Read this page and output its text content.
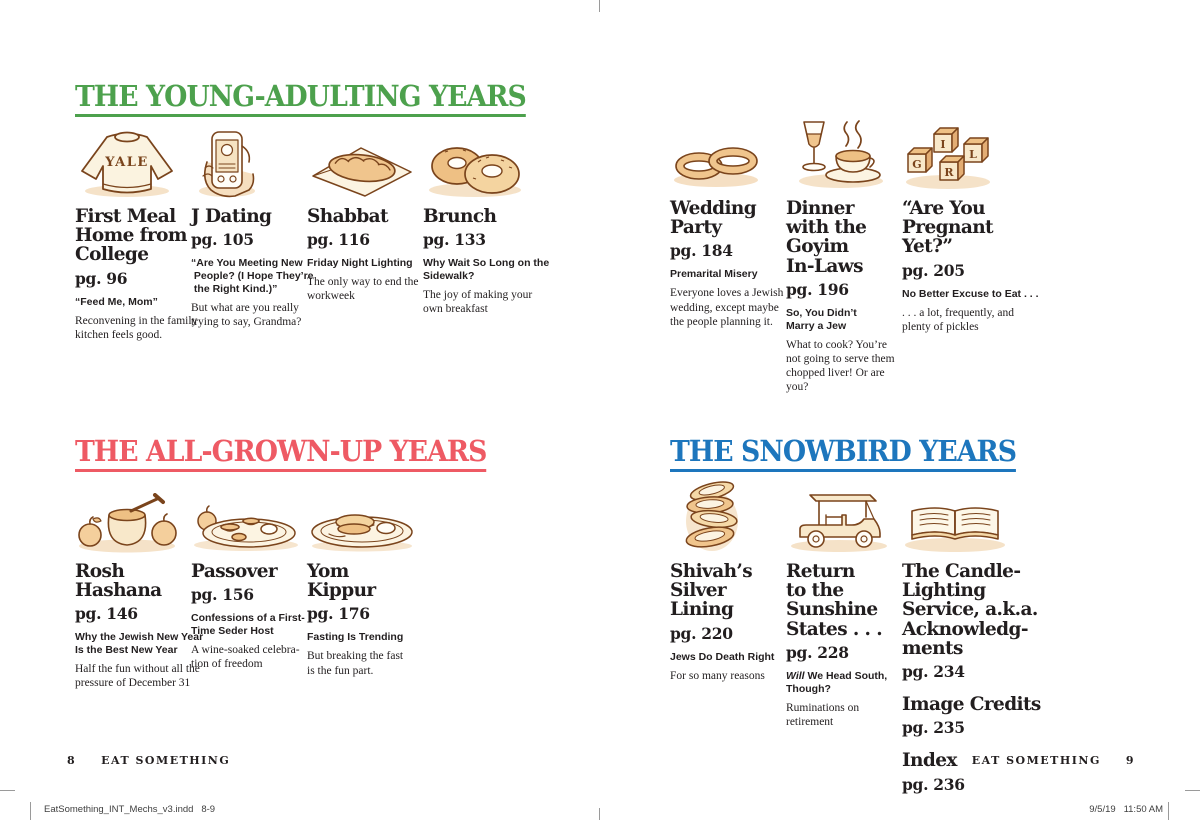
THE YOUNG-ADULTING YEARS
YALE
First Meal
Home from
College
pg. 96
“Feed Me, Mom”

Reconvening in the family
kitchen feels good.

J Dating
pg. 105
“Are You Meeting New
People? (I Hope They’re
the Right Kind.)”

But what are you really
trying to say, Grandma?

Shabbat
pg. 116
Friday Night Lighting

The only way to end the
workweek

Brunch
pg. 133
Why Wait So Long on the
Sidewalk?

The joy of making your
own breakfast

Wedding
Party
pg. 184
Premarital Misery

Everyone loves a Jewish
wedding, except maybe
the people planning it.

Dinner
with the
Goyim
In-Laws
pg. 196
So, You Didn’t
Marry a Jew

What to cook? You’re
not going to serve them
chopped liver! Or are
you?

I
L
G
R
“Are You
Pregnant
Yet?”
pg. 205
No Better Excuse to Eat . . .

. . . a lot, frequently, and
plenty of pickles

THE ALL-GROWN-UP YEARS
Rosh
Hashana
pg. 146
Why the Jewish New Year
Is the Best New Year

Half the fun without all the
pressure of December 31

Passover
pg. 156
Confessions of a First-
Time Seder Host

A wine-soaked celebra-
tion of freedom

Yom
Kippur
pg. 176
Fasting Is Trending

But breaking the fast
is the fun part.

THE SNOWBIRD YEARS
Shivah’s
Silver
Lining
pg. 220
Jews Do Death Right

For so many reasons

Return
to the
Sunshine
States . . .
pg. 228
Will We Head South,
Though?

Ruminations on
retirement

The Candle-
Lighting
Service, a.k.a.
Acknowledg-
ments
pg. 234
Image Credits
pg. 235
Index
pg. 236
8 EAT SOMETHING	EAT SOMETHING 9
EatSomething_INT_Mechs_v3.indd   8-9	9/5/19   11:50 AM
